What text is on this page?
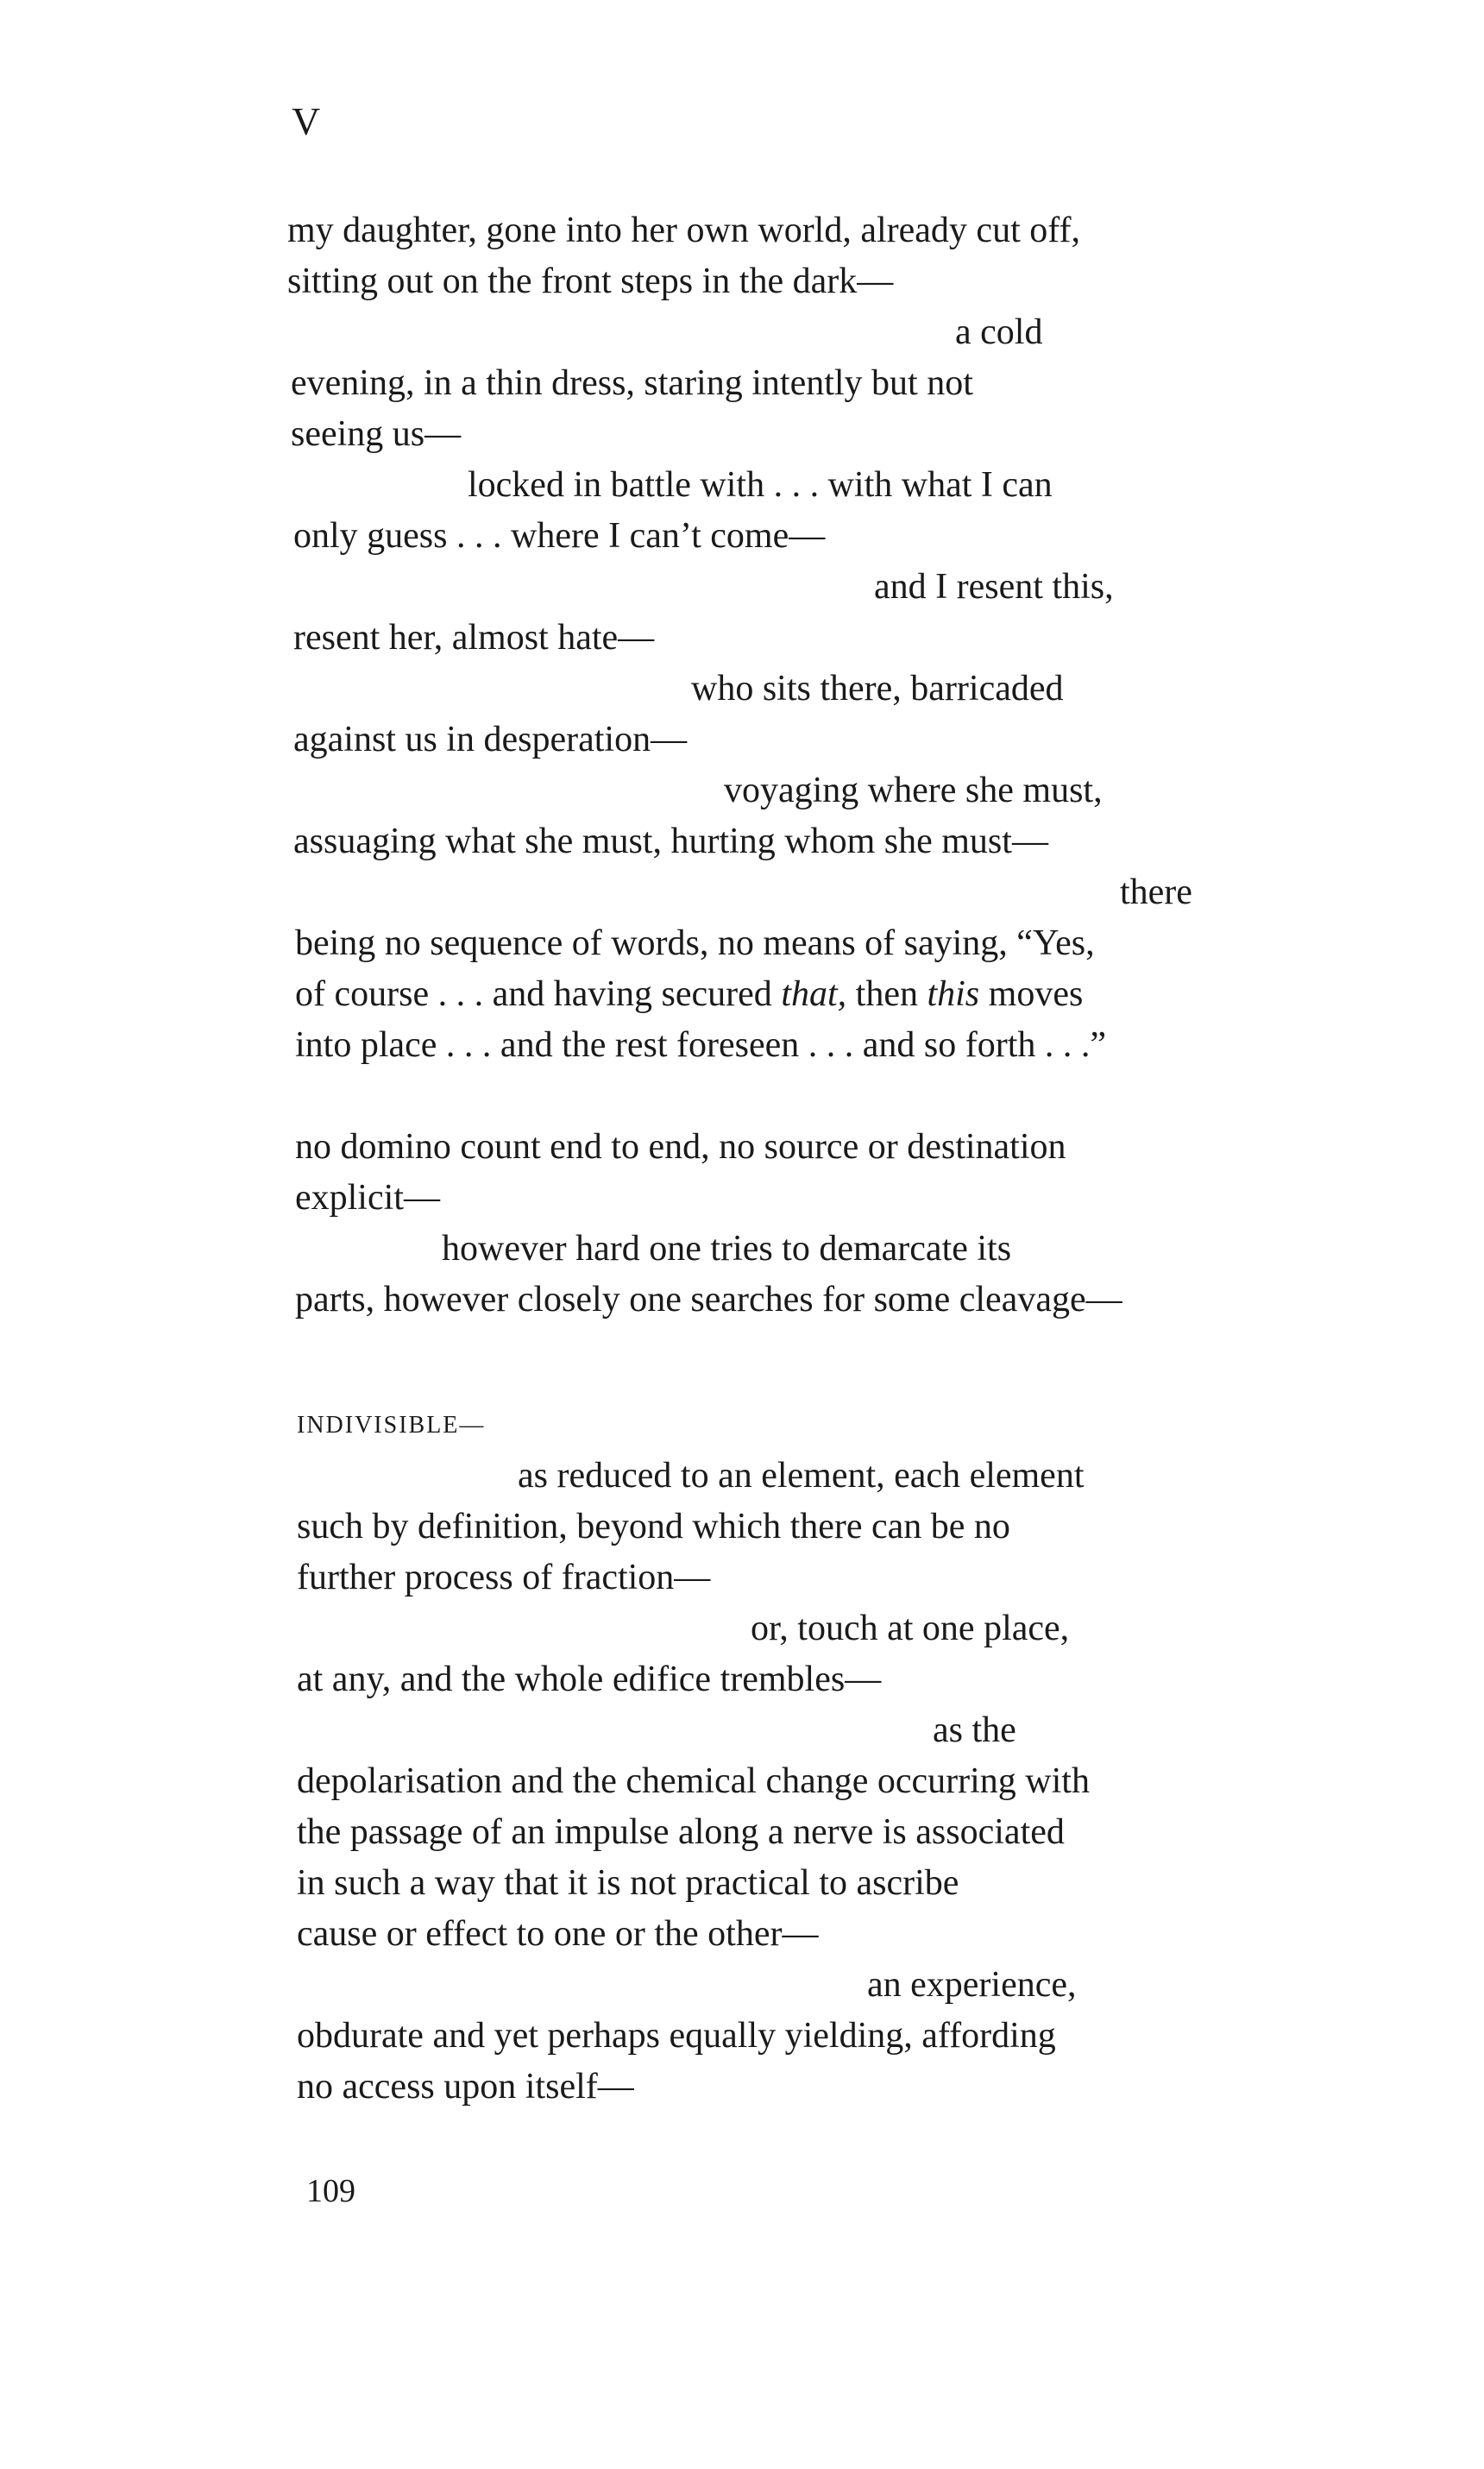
V
my daughter, gone into her own world, already cut off,
sitting out on the front steps in the dark—
a cold
evening, in a thin dress, staring intently but not
seeing us—
locked in battle with . . . with what I can
only guess . . . where I can’t come—
and I resent this,
resent her, almost hate—
who sits there, barricaded
against us in desperation—
voyaging where she must,
assuaging what she must, hurting whom she must—
there
being no sequence of words, no means of saying, “Yes,
of course . . . and having secured that, then this moves
into place . . . and the rest foreseen . . . and so forth . . .”
no domino count end to end, no source or destination
explicit—
however hard one tries to demarcate its
parts, however closely one searches for some cleavage—
INDIVISIBLE—
as reduced to an element, each element
such by definition, beyond which there can be no
further process of fraction—
or, touch at one place,
at any, and the whole edifice trembles—
as the
depolarisation and the chemical change occurring with
the passage of an impulse along a nerve is associated
in such a way that it is not practical to ascribe
cause or effect to one or the other—
an experience,
obdurate and yet perhaps equally yielding, affording
no access upon itself—
109
